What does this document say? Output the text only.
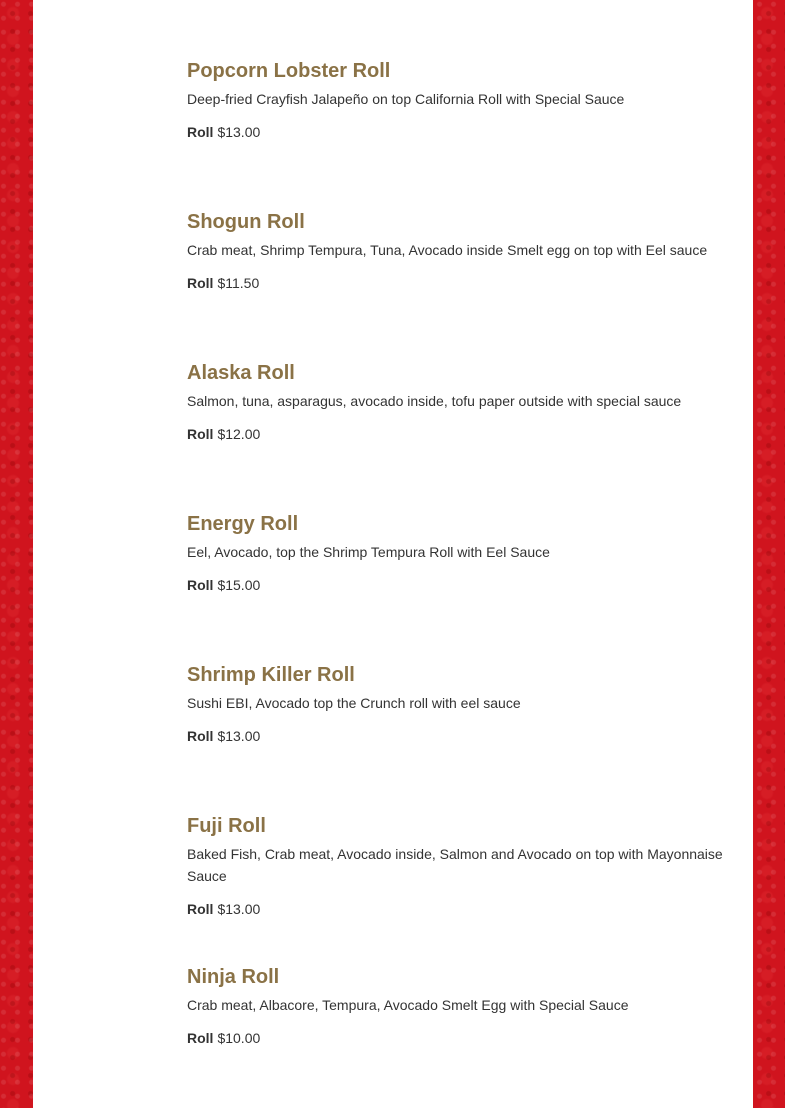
Popcorn Lobster Roll

Deep-fried Crayfish Jalapeño on top California Roll with Special Sauce

Roll $13.00

Shogun Roll

Crab meat, Shrimp Tempura, Tuna, Avocado inside Smelt egg on top with Eel sauce

Roll $11.50

Alaska Roll

Salmon, tuna, asparagus, avocado inside, tofu paper outside with special sauce

Roll $12.00

Energy Roll

Eel, Avocado, top the Shrimp Tempura Roll with Eel Sauce

Roll $15.00

Shrimp Killer Roll

Sushi EBI, Avocado top the Crunch roll with eel sauce

Roll $13.00

Fuji Roll

Baked Fish, Crab meat, Avocado inside, Salmon and Avocado on top with Mayonnaise Sauce

Roll $13.00

Ninja Roll

Crab meat, Albacore, Tempura, Avocado Smelt Egg with Special Sauce

Roll $10.00
